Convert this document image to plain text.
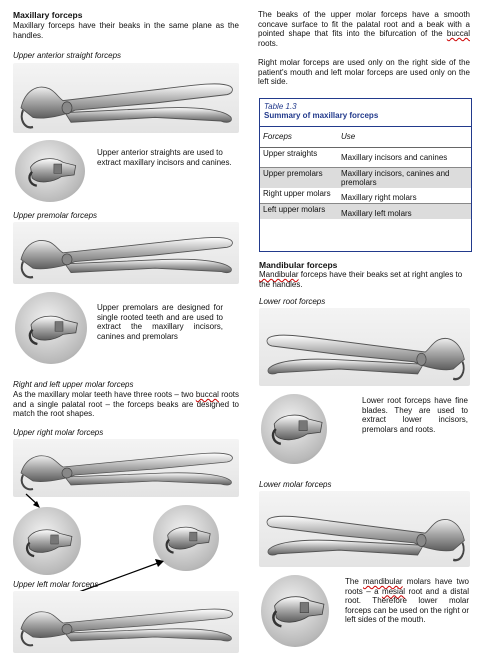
Maxillary forceps
Maxillary forceps have their beaks in the same plane as the handles.
Upper anterior straight forceps
Upper anterior straights are used to extract maxillary incisors and canines.
Upper premolar forceps
Upper premolars are designed for single rooted teeth and are used to extract the maxillary incisors, canines and premolars
Right and left upper molar forceps
As the maxillary molar teeth have three roots – two buccal roots and a single palatal root – the forceps beaks are designed to match the root shapes.
Upper right molar forceps
Upper left molar forceps
The beaks of the upper molar forceps have a smooth concave surface to fit the palatal root and a beak with a pointed shape that fits into the bifurcation of the buccal roots.
Right molar forceps are used only on the right side of the patient's mouth and left molar forceps are used only on the left side.
Table 1.3
Summary of maxillary forceps
Forceps	Use
Upper straights	Maxillary incisors and canines
Upper premolars	Maxillary incisors, canines and premolars
Right upper molars	Maxillary right molars
Left upper molars	Maxillary left molars
Mandibular forceps
Mandibular forceps have their beaks set at right angles to the handles.
Lower root forceps
Lower root forceps have fine blades. They are used to extract lower incisors, premolars and roots.
Lower molar forceps
The mandibular molars have two roots – a mesial root and a distal root. Therefore lower molar forceps can be used on the right or left sides of the mouth.
